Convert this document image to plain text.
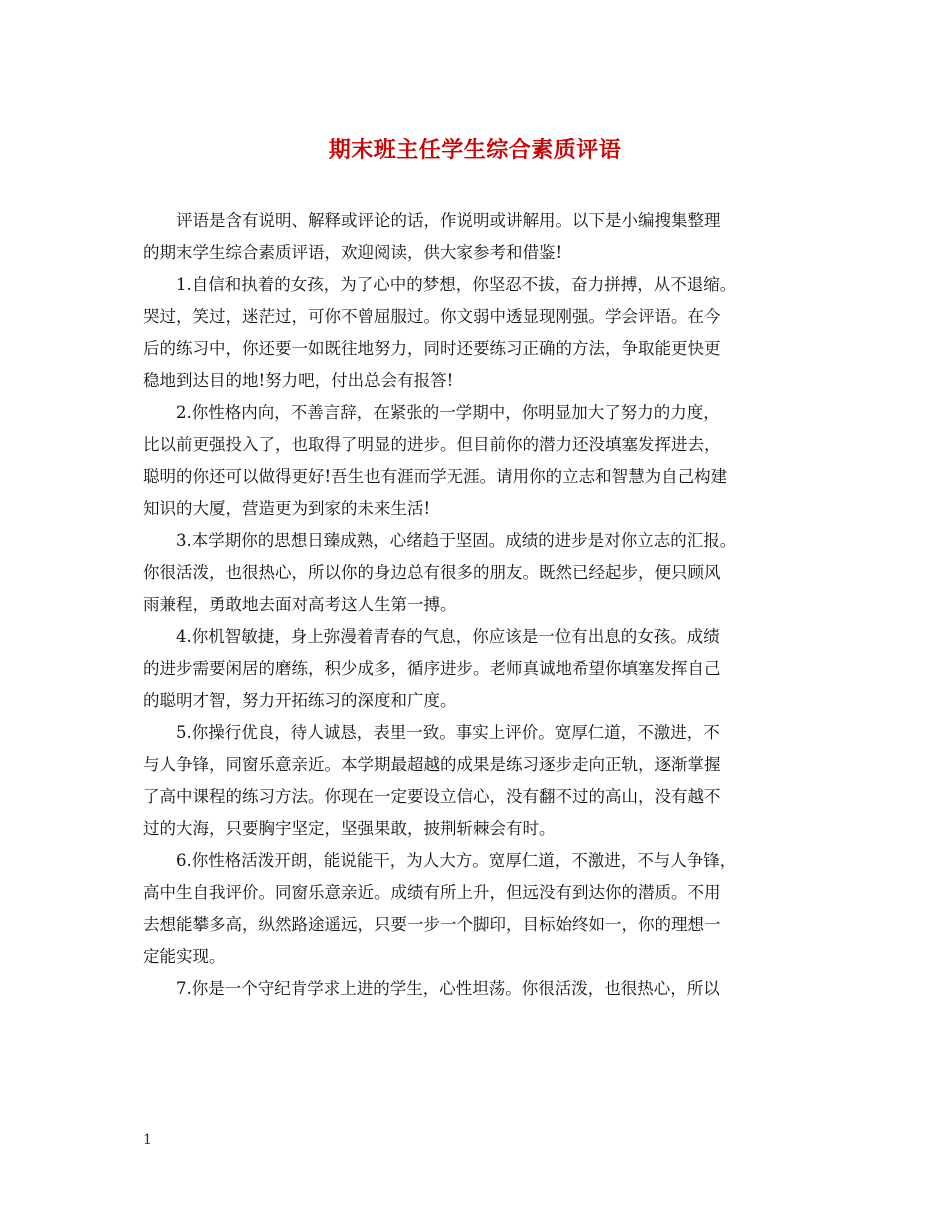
期末班主任学生综合素质评语
评语是含有说明、解释或评论的话，作说明或讲解用。以下是小编搜集整理
的期末学生综合素质评语，欢迎阅读，供大家参考和借鉴!
1.自信和执着的女孩，为了心中的梦想，你坚忍不拔，奋力拼搏，从不退缩。
哭过，笑过，迷茫过，可你不曾屈服过。你文弱中透显现刚强。学会评语。在今
后的练习中，你还要一如既往地努力，同时还要练习正确的方法，争取能更快更
稳地到达目的地!努力吧，付出总会有报答!
2.你性格内向，不善言辞，在紧张的一学期中，你明显加大了努力的力度，
比以前更强投入了，也取得了明显的进步。但目前你的潜力还没填塞发挥进去，
聪明的你还可以做得更好!吾生也有涯而学无涯。请用你的立志和智慧为自己构建
知识的大厦，营造更为到家的未来生活!
3.本学期你的思想日臻成熟，心绪趋于坚固。成绩的进步是对你立志的汇报。
你很活泼，也很热心，所以你的身边总有很多的朋友。既然已经起步，便只顾风
雨兼程，勇敢地去面对高考这人生第一搏。
4.你机智敏捷，身上弥漫着青春的气息，你应该是一位有出息的女孩。成绩
的进步需要闲居的磨练，积少成多，循序进步。老师真诚地希望你填塞发挥自己
的聪明才智，努力开拓练习的深度和广度。
5.你操行优良，待人诚恳，表里一致。事实上评价。宽厚仁道，不激进，不
与人争锋，同窗乐意亲近。本学期最超越的成果是练习逐步走向正轨，逐渐掌握
了高中课程的练习方法。你现在一定要设立信心，没有翻不过的高山，没有越不
过的大海，只要胸宇坚定，坚强果敢，披荆斩棘会有时。
6.你性格活泼开朗，能说能干，为人大方。宽厚仁道，不激进，不与人争锋，
高中生自我评价。同窗乐意亲近。成绩有所上升，但远没有到达你的潜质。不用
去想能攀多高，纵然路途遥远，只要一步一个脚印，目标始终如一，你的理想一
定能实现。
7.你是一个守纪肯学求上进的学生，心性坦荡。你很活泼，也很热心，所以
1
